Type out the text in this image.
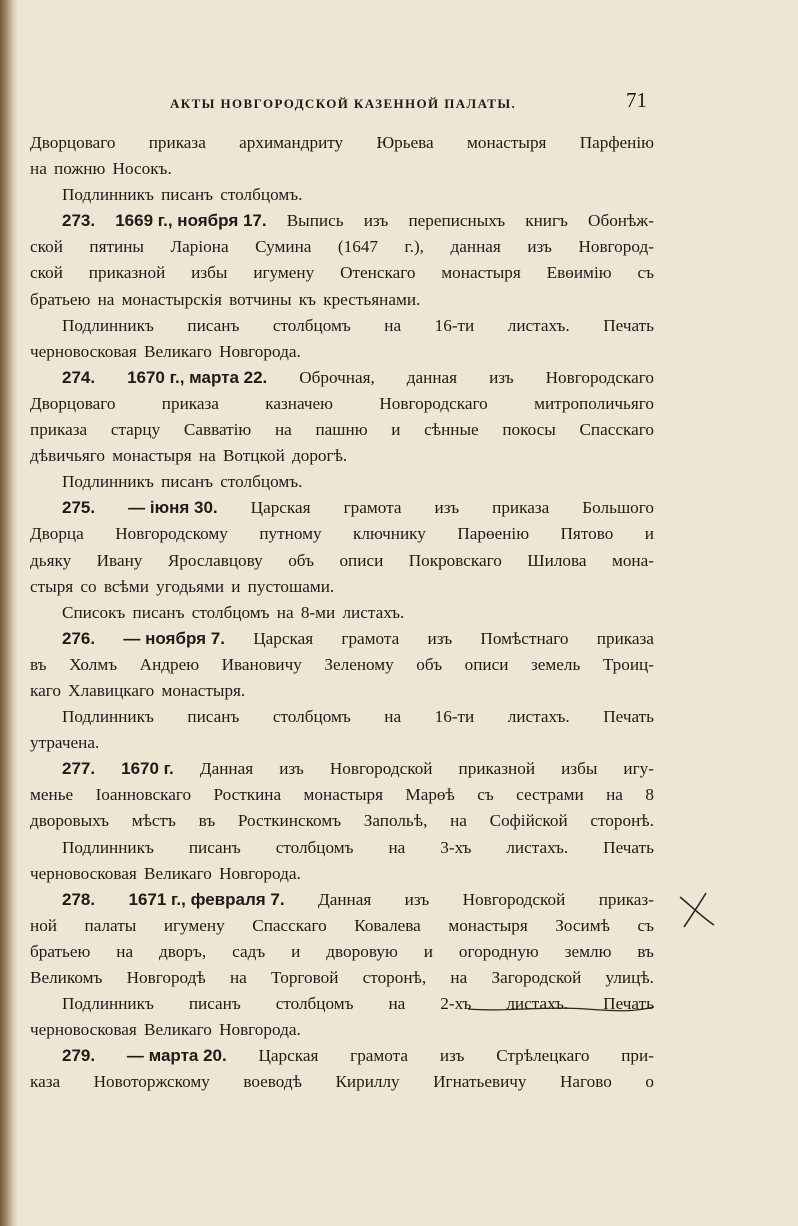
АКТЫ НОВГОРОДСКОЙ КАЗЕННОЙ ПАЛАТЫ.	71
Дворцоваго приказа архимандриту Юрьева монастыря Парфенію
на пожню Носокъ.
Подлинникъ писанъ столбцомъ.
273. 1669 г., ноября 17. Выпись изъ переписныхъ книгъ Обонѣж-
ской пятины Ларіона Сумина (1647 г.), данная изъ Новгород-
ской приказной избы игумену Отенскаго монастыря Евөимію съ
братьею на монастырскія вотчины къ крестьянами.
Подлинникъ писанъ столбцомъ на 16-ти листахъ. Печать
черновосковая Великаго Новгорода.
274. 1670 г., марта 22. Оброчная, данная изъ Новгородскаго
Дворцоваго	приказа	казначею	Новгородскаго	митрополичьяго
приказа старцу Савватію на пашню и сѣнные покосы Спасскаго
дѣвичьяго монастыря на Вотцкой дорогѣ.
Подлинникъ писанъ столбцомъ.
275. — іюня 30. Царская грамота изъ приказа Большого
Дворца Новгородскому путному ключнику Парөенію Пятово и
дьяку Ивану Ярославцову объ описи Покровскаго Шилова мона-
стыря со всѣми угодьями и пустошами.
Списокъ писанъ столбцомъ на 8-ми листахъ.
276. — ноября 7. Царская грамота изъ Помѣстнаго приказа
въ Холмъ Андрею Ивановичу Зеленому объ описи земель Троиц-
каго Хлавицкаго монастыря.
Подлинникъ писанъ столбцомъ на 16-ти листахъ. Печать
утрачена.
277. 1670 г. Данная изъ Новгородской приказной избы игу-
менье Іоанновскаго Росткина монастыря Марөѣ съ сестрами на 8
дворовыхъ мѣстъ въ Росткинскомъ Запольѣ, на Софійской сторонѣ.
Подлинникъ писанъ столбцомъ на 3-хъ листахъ. Печать
черновосковая Великаго Новгорода.
278. 1671 г., февраля 7. Данная изъ Новгородской приказ-
ной палаты игумену Спасскаго Ковалева монастыря Зосимѣ съ
братьею на дворъ, садъ и дворовую и огородную землю въ
Великомъ Новгородѣ на Торговой сторонѣ, на Загородской улицѣ.
Подлинникъ писанъ столбцомъ на 2-хъ листахъ. Печать
черновосковая Великаго Новгорода.
279. — марта 20. Царская грамота изъ Стрѣлецкаго при-
каза Новоторжскому воеводѣ Кириллу Игнатьевичу Нагово о
